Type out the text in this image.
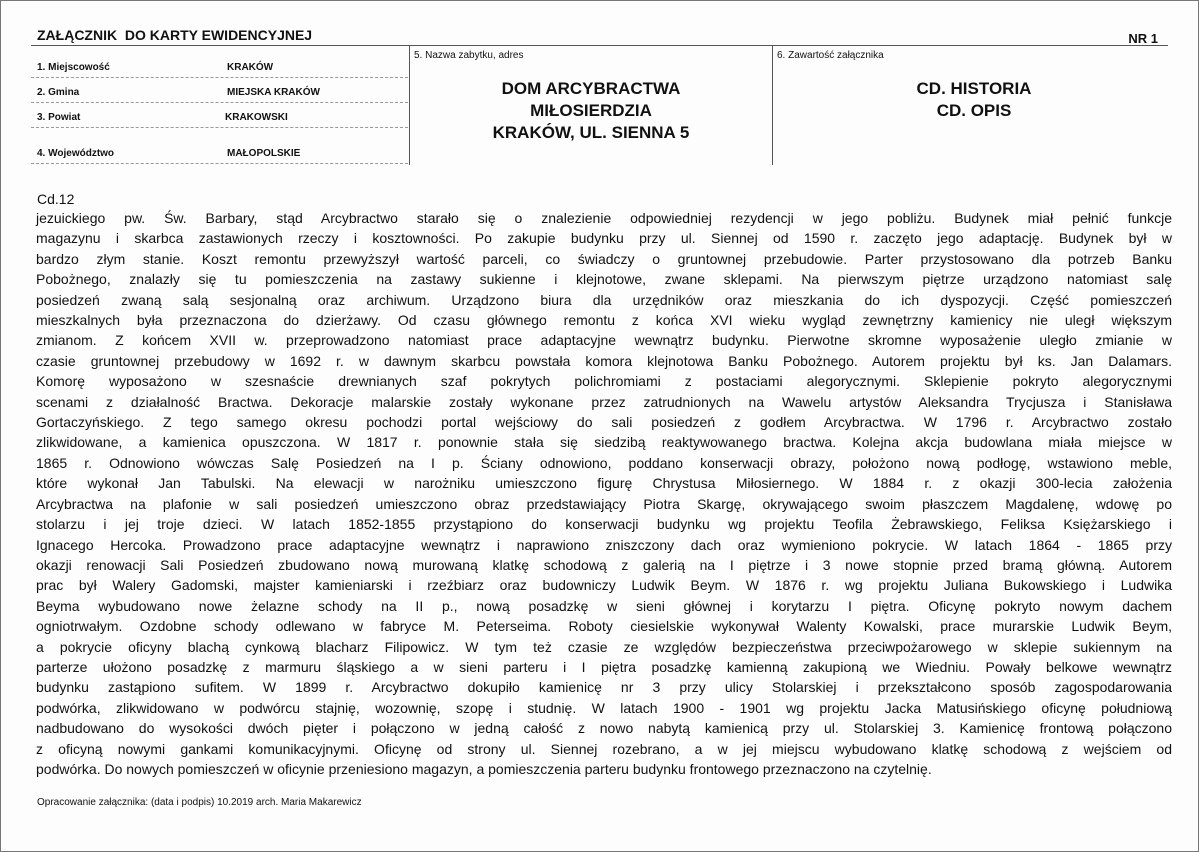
ZAŁĄCZNIK  DO KARTY EWIDENCYJNEJ	NR 1
1. Miejscowość	KRAKÓW
2. Gmina	MIEJSKA KRAKÓW
3. Powiat	KRAKOWSKI
4. Województwo	MAŁOPOLSKIE
5. Nazwa zabytku, adres
DOM ARCYBRACTWA
MIŁOSIERDZIA
KRAKÓW, UL. SIENNA 5
6. Zawartość załącznika
CD. HISTORIA
CD. OPIS
Cd.12
jezuickiego pw. Św. Barbary, stąd Arcybractwo starało się o znalezienie odpowiedniej rezydencji w jego pobliżu. Budynek miał pełnić funkcje
magazynu i skarbca zastawionych rzeczy i kosztowności. Po zakupie budynku przy ul. Siennej od 1590 r. zaczęto jego adaptację. Budynek był w
bardzo złym stanie. Koszt remontu przewyższył wartość parceli, co świadczy o gruntownej przebudowie. Parter przystosowano dla potrzeb Banku
Pobożnego, znalazły się tu pomieszczenia na zastawy sukienne i klejnotowe, zwane sklepami. Na pierwszym piętrze urządzono natomiast salę
posiedzeń zwaną salą sesjonalną oraz archiwum. Urządzono biura dla urzędników oraz mieszkania do ich dyspozycji. Część pomieszczeń
mieszkalnych była przeznaczona do dzierżawy. Od czasu głównego remontu z końca XVI wieku wygląd zewnętrzny kamienicy nie uległ większym
zmianom. Z końcem XVII w. przeprowadzono natomiast prace adaptacyjne wewnątrz budynku. Pierwotne skromne wyposażenie uległo zmianie w
czasie gruntownej przebudowy w 1692 r. w dawnym skarbcu powstała komora klejnotowa Banku Pobożnego. Autorem projektu był ks. Jan Dalamars.
Komorę wyposażono w szesnaście drewnianych szaf pokrytych polichromiami z postaciami alegorycznymi. Sklepienie pokryto alegorycznymi
scenami z działalność Bractwa. Dekoracje malarskie zostały wykonane przez zatrudnionych na Wawelu artystów Aleksandra Trycjusza i Stanisława
Gortaczyńskiego. Z tego samego okresu pochodzi portal wejściowy do sali posiedzeń z godłem Arcybractwa. W 1796 r. Arcybractwo zostało
zlikwidowane, a kamienica opuszczona. W 1817 r. ponownie stała się siedzibą reaktywowanego bractwa. Kolejna akcja budowlana miała miejsce w
1865 r. Odnowiono wówczas Salę Posiedzeń na I p. Ściany odnowiono, poddano konserwacji obrazy, położono nową podłogę, wstawiono meble,
które wykonał Jan Tabulski. Na elewacji w narożniku umieszczono figurę Chrystusa Miłosiernego. W 1884 r. z okazji 300-lecia założenia
Arcybractwa na plafonie w sali posiedzeń umieszczono obraz przedstawiający Piotra Skargę, okrywającego swoim płaszczem Magdalenę, wdowę po
stolarzu i jej troje dzieci. W latach 1852-1855 przystąpiono do konserwacji budynku wg projektu Teofila Żebrawskiego, Feliksa Księżarskiego i
Ignacego Hercoka. Prowadzono prace adaptacyjne wewnątrz i naprawiono zniszczony dach oraz wymieniono pokrycie. W latach 1864 - 1865 przy
okazji renowacji Sali Posiedzeń zbudowano nową murowaną klatkę schodową z galerią na I piętrze i 3 nowe stopnie przed bramą główną. Autorem
prac był Walery Gadomski, majster kamieniarski i rzeźbiarz oraz budowniczy Ludwik Beym. W 1876 r. wg projektu Juliana Bukowskiego i Ludwika
Beyma wybudowano nowe żelazne schody na II p., nową posadzkę w sieni głównej i korytarzu I piętra. Oficynę pokryto nowym dachem
ogniotrwałym. Ozdobne schody odlewano w fabryce M. Peterseima. Roboty ciesielskie wykonywał Walenty Kowalski, prace murarskie Ludwik Beym,
a pokrycie oficyny blachą cynkową blacharz Filipowicz. W tym też czasie ze względów bezpieczeństwa przeciwpożarowego w sklepie sukiennym na
parterze ułożono posadzkę z marmuru śląskiego a w sieni parteru i I piętra posadzkę kamienną zakupioną we Wiedniu. Powały belkowe wewnątrz
budynku zastąpiono sufitem. W 1899 r. Arcybractwo dokupiło kamienicę nr 3 przy ulicy Stolarskiej i przekształcono sposób zagospodarowania
podwórka, zlikwidowano w podwórcu stajnię, wozownię, szopę i studnię. W latach 1900 - 1901 wg projektu Jacka Matusińskiego oficynę południową
nadbudowano do wysokości dwóch pięter i połączono w jedną całość z nowo nabytą kamienicą przy ul. Stolarskiej 3. Kamienicę frontową połączono
z oficyną nowymi gankami komunikacyjnymi. Oficynę od strony ul. Siennej rozebrano, a w jej miejscu wybudowano klatkę schodową z wejściem od
podwórka. Do nowych pomieszczeń w oficynie przeniesiono magazyn, a pomieszczenia parteru budynku frontowego przeznaczono na czytelnię.
Opracowanie załącznika: (data i podpis) 10.2019 arch. Maria Makarewicz
